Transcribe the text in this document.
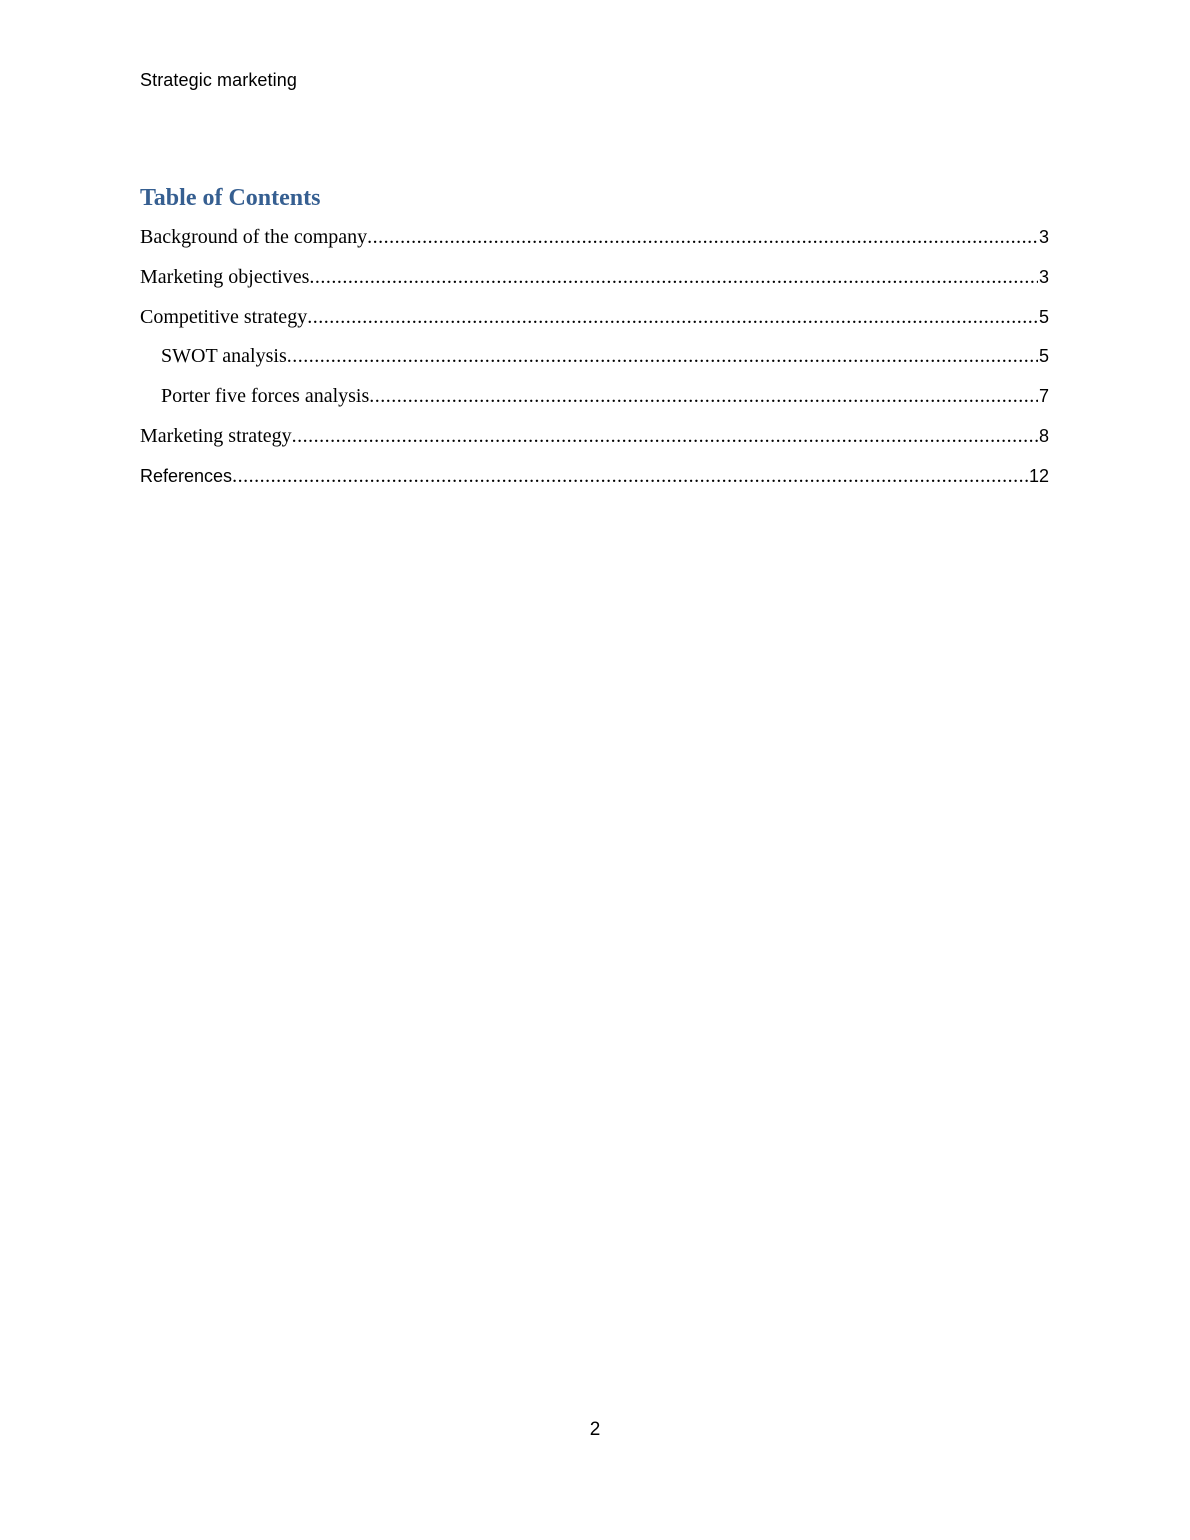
Strategic marketing
Table of Contents
Background of the company .....	3
Marketing objectives .....	3
Competitive strategy .....	5
SWOT analysis .....	5
Porter five forces analysis .....	7
Marketing strategy .....	8
References .....	12
2
